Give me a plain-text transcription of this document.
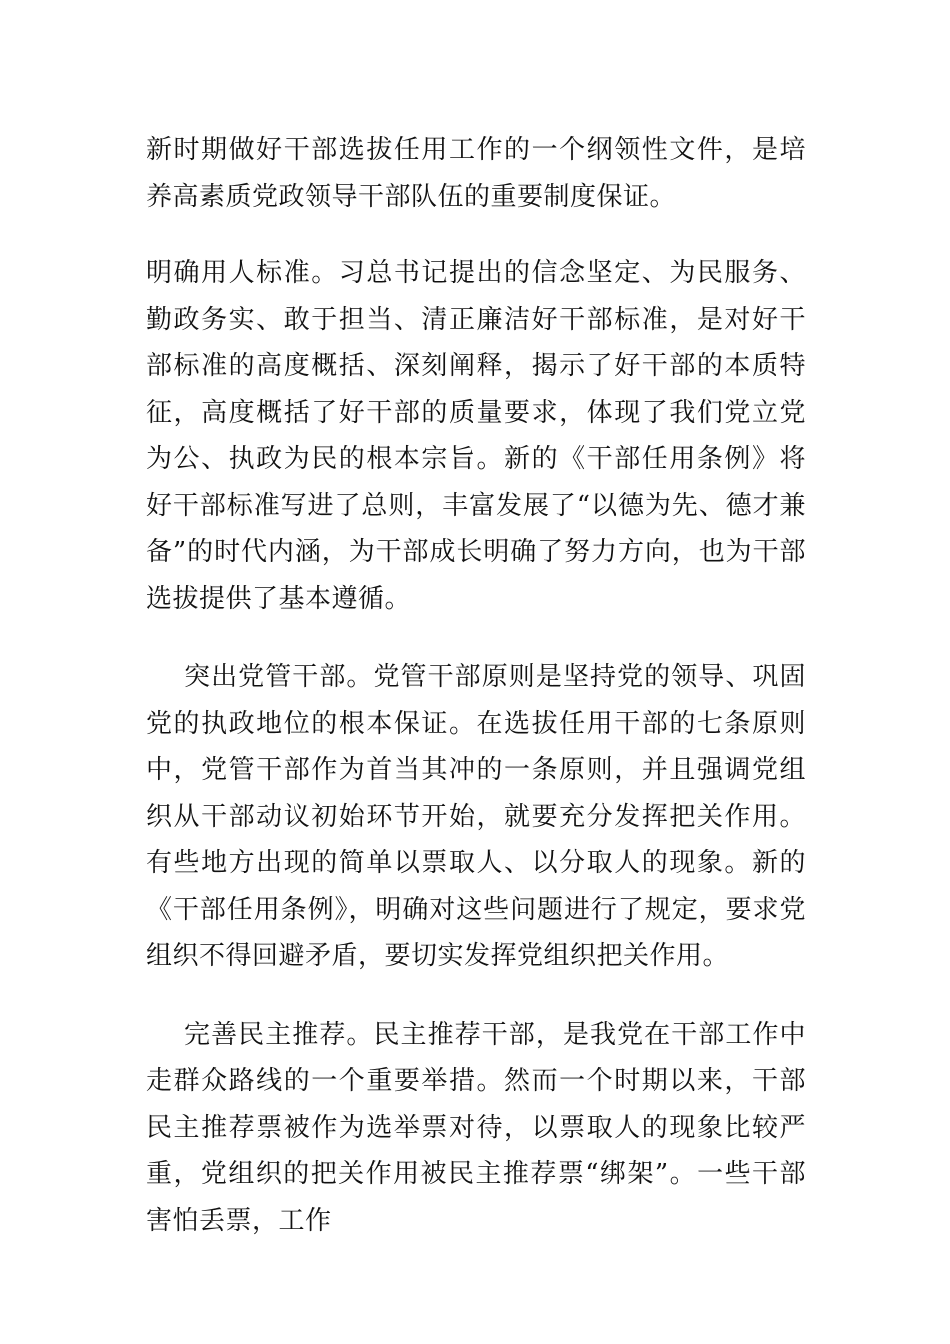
新时期做好干部选拔任用工作的一个纲领性文件，是培养高素质党政领导干部队伍的重要制度保证。

明确用人标准。习总书记提出的信念坚定、为民服务、勤政务实、敢于担当、清正廉洁好干部标准，是对好干部标准的高度概括、深刻阐释，揭示了好干部的本质特征，高度概括了好干部的质量要求，体现了我们党立党为公、执政为民的根本宗旨。新的《干部任用条例》将好干部标准写进了总则，丰富发展了“以德为先、德才兼备”的时代内涵，为干部成长明确了努力方向，也为干部选拔提供了基本遵循。

突出党管干部。党管干部原则是坚持党的领导、巩固党的执政地位的根本保证。在选拔任用干部的七条原则中，党管干部作为首当其冲的一条原则，并且强调党组织从干部动议初始环节开始，就要充分发挥把关作用。有些地方出现的简单以票取人、以分取人的现象。新的《干部任用条例》，明确对这些问题进行了规定，要求党组织不得回避矛盾，要切实发挥党组织把关作用。

完善民主推荐。民主推荐干部，是我党在干部工作中走群众路线的一个重要举措。然而一个时期以来，干部民主推荐票被作为选举票对待，以票取人的现象比较严重，党组织的把关作用被民主推荐票“绑架”。一些干部害怕丢票，工作
